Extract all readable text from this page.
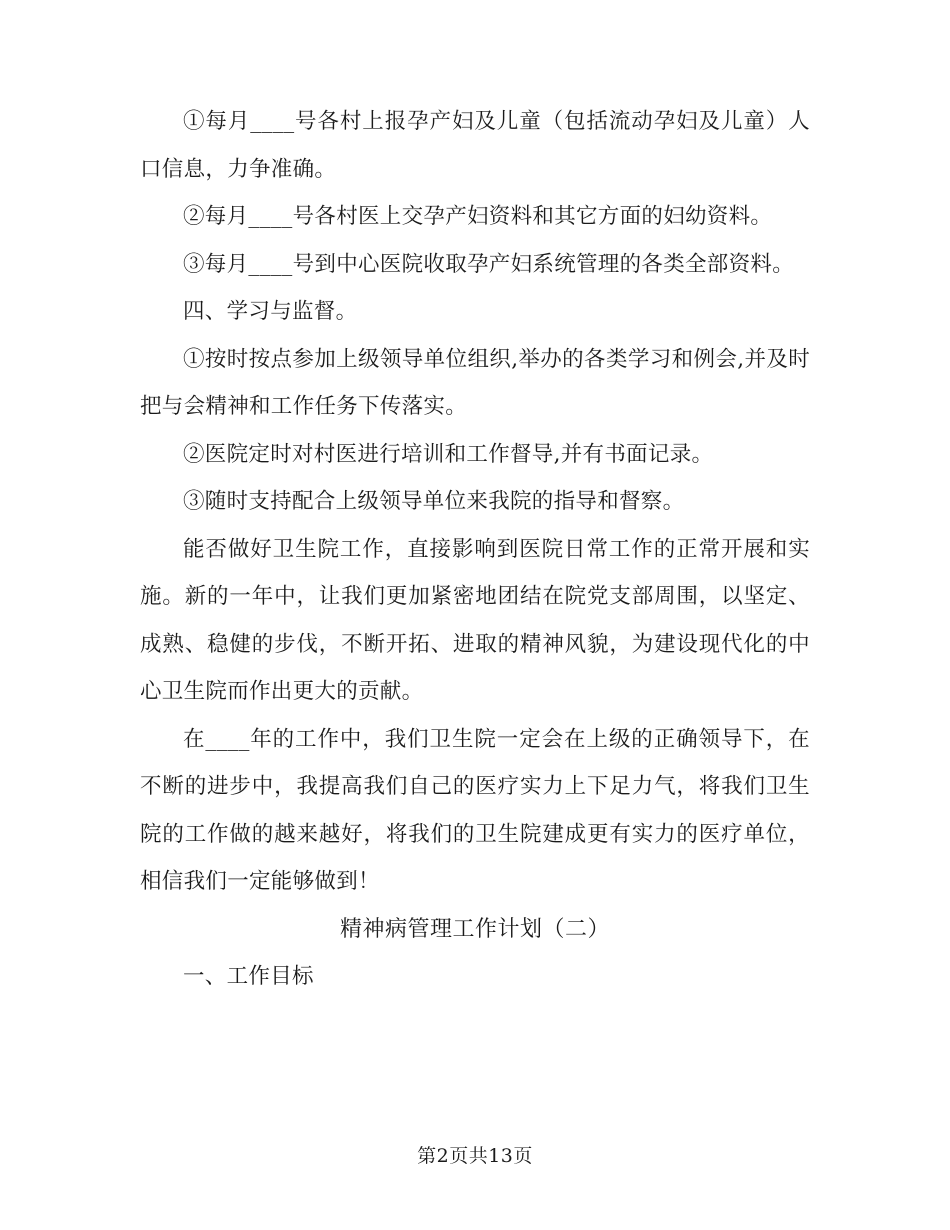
①每月____号各村上报孕产妇及儿童（包括流动孕妇及儿童）人口信息，力争准确。

②每月____号各村医上交孕产妇资料和其它方面的妇幼资料。

③每月____号到中心医院收取孕产妇系统管理的各类全部资料。

四、学习与监督。

①按时按点参加上级领导单位组织,举办的各类学习和例会,并及时把与会精神和工作任务下传落实。

②医院定时对村医进行培训和工作督导,并有书面记录。

③随时支持配合上级领导单位来我院的指导和督察。

能否做好卫生院工作，直接影响到医院日常工作的正常开展和实施。新的一年中，让我们更加紧密地团结在院党支部周围，以坚定、成熟、稳健的步伐，不断开拓、进取的精神风貌，为建设现代化的中心卫生院而作出更大的贡献。

在____年的工作中，我们卫生院一定会在上级的正确领导下，在不断的进步中，我提高我们自己的医疗实力上下足力气，将我们卫生院的工作做的越来越好，将我们的卫生院建成更有实力的医疗单位，相信我们一定能够做到！

精神病管理工作计划（二）

一、工作目标

第2页共13页
